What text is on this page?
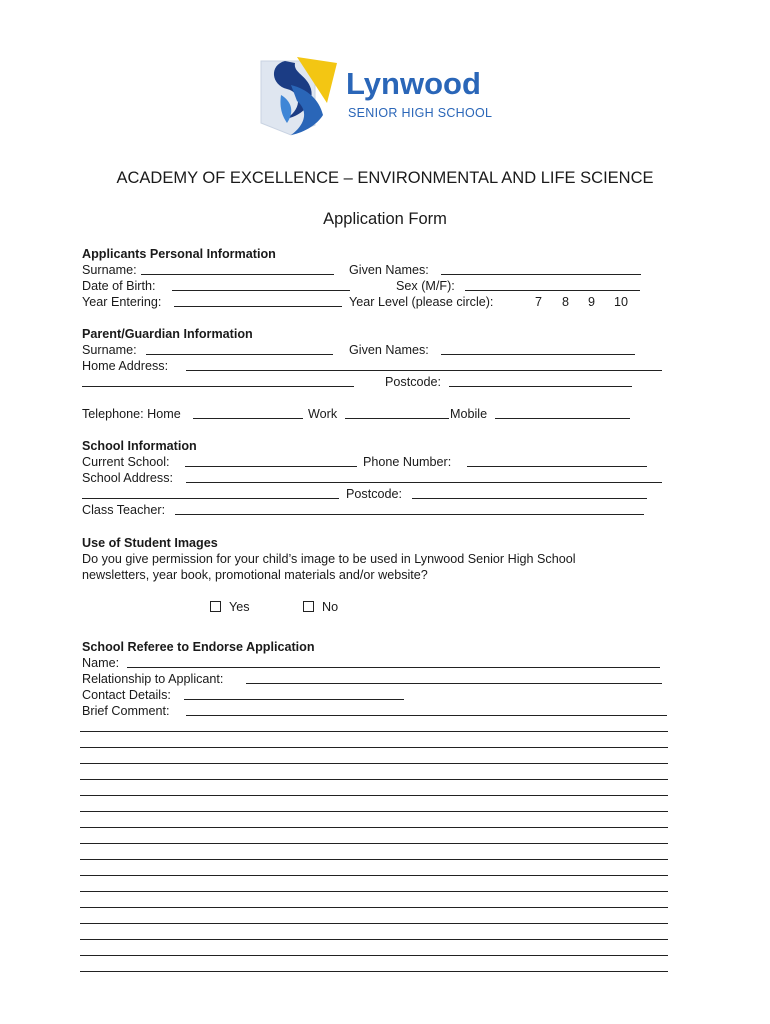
Lynwood
SENIOR HIGH SCHOOL
ACADEMY OF EXCELLENCE – ENVIRONMENTAL AND LIFE SCIENCE
Application Form
Applicants Personal Information
Surname:	Given Names:
Date of Birth:	Sex (M/F):
Year Entering:	Year Level (please circle):	7 8 9 10
Parent/Guardian Information
Surname:	Given Names:
Home Address:
Postcode:
Telephone: Home	Work	Mobile
School Information
Current School:	Phone Number:
School Address:
Postcode:
Class Teacher:
Use of Student Images
Do you give permission for your child’s image to be used in Lynwood Senior High School
newsletters, year book, promotional materials and/or website?
Yes	No
School Referee to Endorse Application
Name:
Relationship to Applicant:
Contact Details:
Brief Comment:
